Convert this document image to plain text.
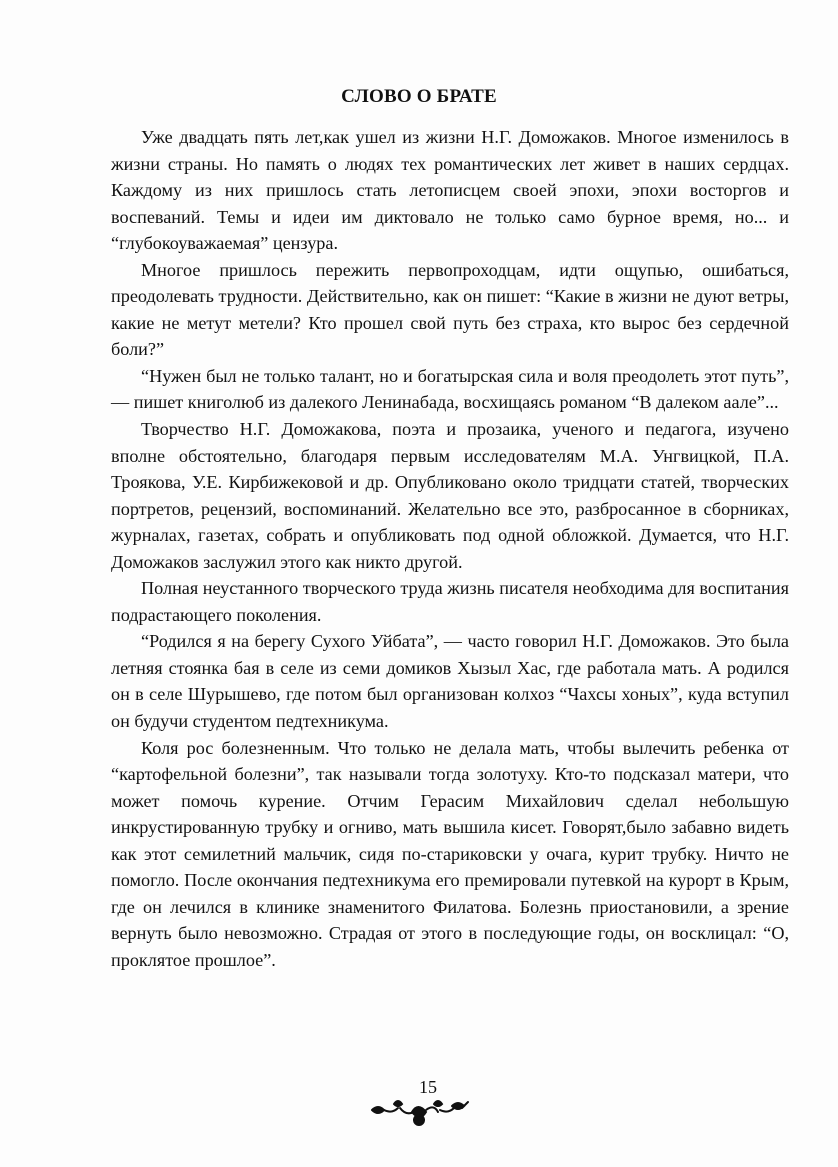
СЛОВО О БРАТЕ

Уже двадцать пять лет,как ушел из жизни Н.Г. Доможаков. Многое изменилось в жизни страны. Но память о людях тех романтических лет живет в наших сердцах. Каждому из них пришлось стать летописцем своей эпохи, эпохи восторгов и воспеваний. Темы и идеи им диктовало не только само бурное время, но... и “глубокоуважаемая” цензура.

Многое пришлось пережить первопроходцам, идти ощупью, ошибаться, преодолевать трудности. Действительно, как он пишет: “Какие в жизни не дуют ветры, какие не метут метели? Кто прошел свой путь без страха, кто вырос без сердечной боли?”

“Нужен был не только талант, но и богатырская сила и воля преодолеть этот путь”, — пишет книголюб из далекого Ленинабада, восхищаясь романом “В далеком аале”...

Творчество Н.Г. Доможакова, поэта и прозаика, ученого и педагога, изучено вполне обстоятельно, благодаря первым исследователям М.А. Унгвицкой, П.А. Троякова, У.Е. Кирбижековой и др. Опубликовано около тридцати статей, творческих портретов, рецензий, воспоминаний. Желательно все это, разбросанное в сборниках, журналах, газетах, собрать и опубликовать под одной обложкой. Думается, что Н.Г. Доможаков заслужил этого как никто другой.

Полная неустанного творческого труда жизнь писателя необходима для воспитания подрастающего поколения.

“Родился я на берегу Сухого Уйбата”, — часто говорил Н.Г. Доможаков. Это была летняя стоянка бая в селе из семи домиков Хызыл Хас, где работала мать. А родился он в селе Шурышево, где потом был организован колхоз “Чахсы хоных”, куда вступил он будучи студентом педтехникума.

Коля рос болезненным. Что только не делала мать, чтобы вылечить ребенка от “картофельной болезни”, так называли тогда золотуху. Кто-то подсказал матери, что может помочь курение. Отчим Герасим Михайлович сделал небольшую инкрустированную трубку и огниво, мать вышила кисет. Говорят,было забавно видеть как этот семилетний мальчик, сидя по-стариковски у очага, курит трубку. Ничто не помогло. После окончания педтехникума его премировали путевкой на курорт в Крым, где он лечился в клинике знаменитого Филатова. Болезнь приостановили, а зрение вернуть было невозможно. Страдая от этого в последующие годы, он восклицал: “О, проклятое прошлое”.

15
